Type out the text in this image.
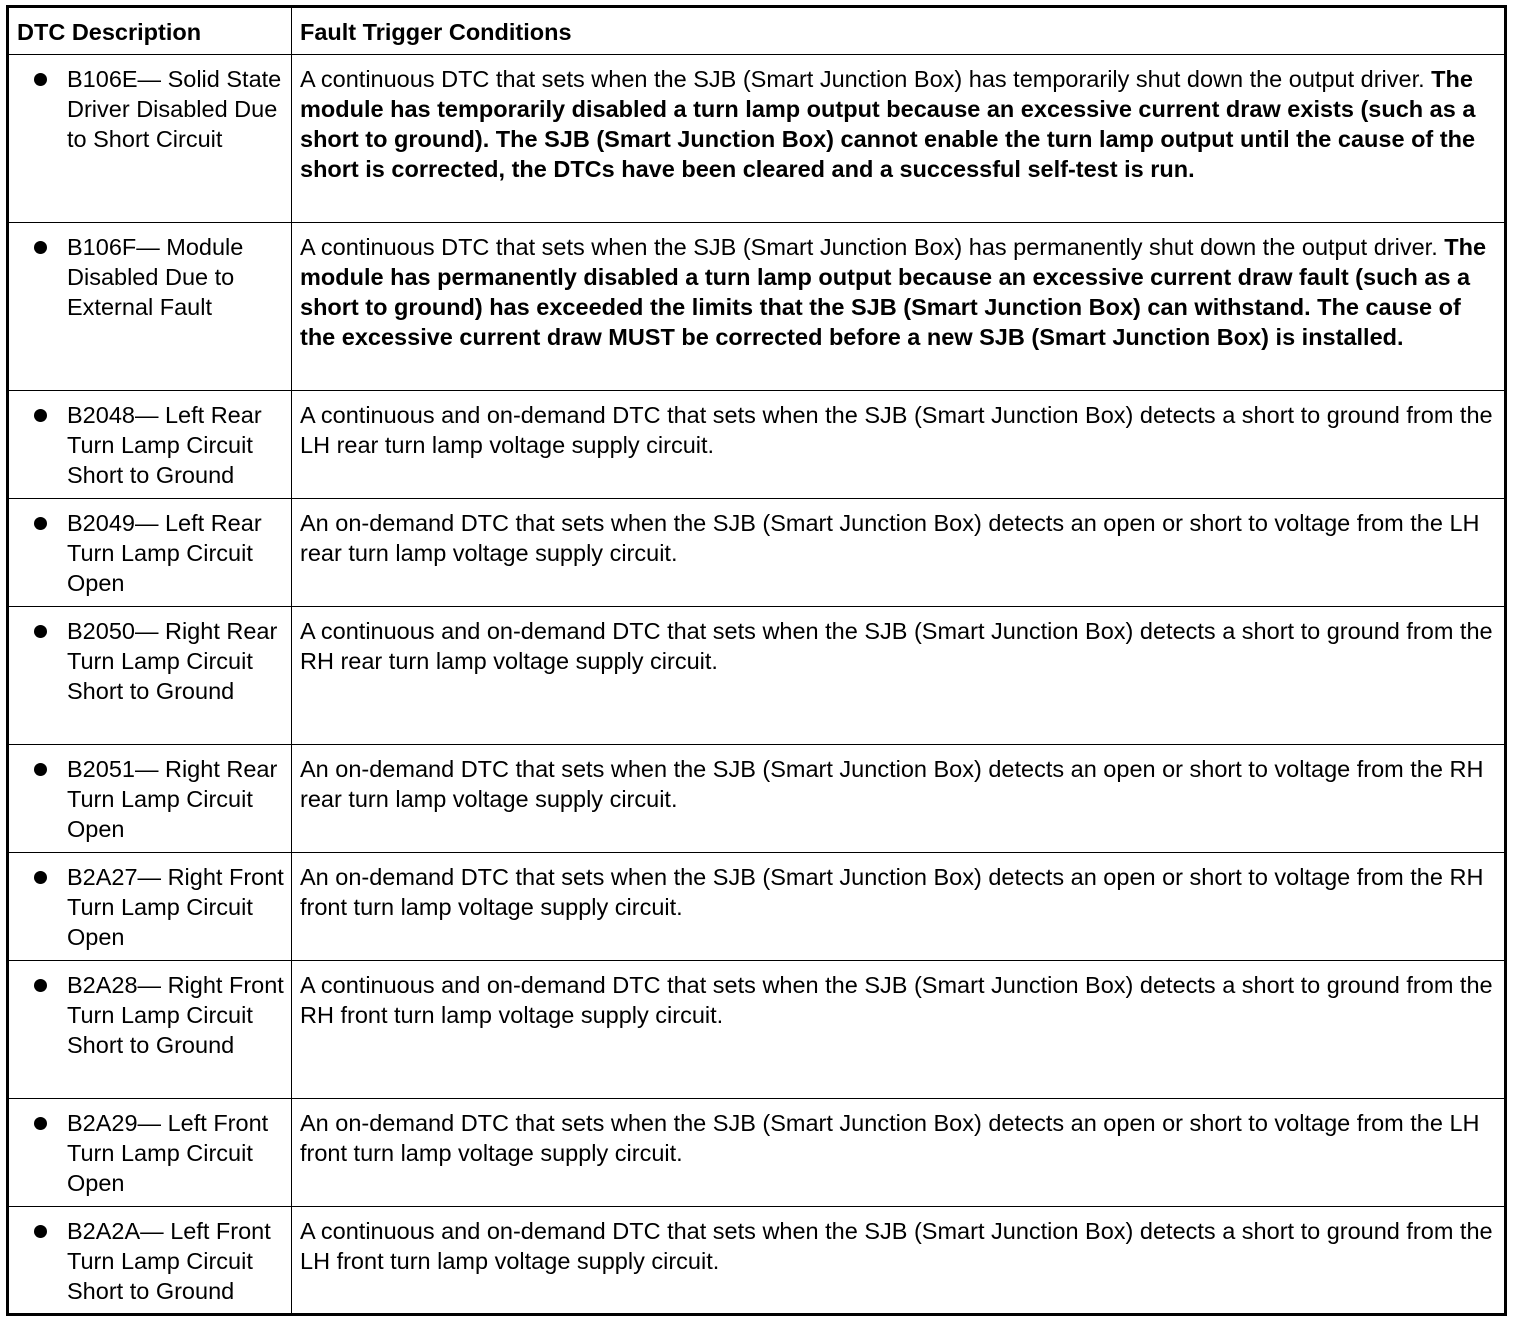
DTC Description	Fault Trigger Conditions

B106E— Solid State Driver Disabled Due to Short Circuit	A continuous DTC that sets when the SJB (Smart Junction Box) has temporarily shut down the output driver. The module has temporarily disabled a turn lamp output because an excessive current draw exists (such as a short to ground). The SJB (Smart Junction Box) cannot enable the turn lamp output until the cause of the short is corrected, the DTCs have been cleared and a successful self-test is run.

B106F— Module Disabled Due to External Fault	A continuous DTC that sets when the SJB (Smart Junction Box) has permanently shut down the output driver. The module has permanently disabled a turn lamp output because an excessive current draw fault (such as a short to ground) has exceeded the limits that the SJB (Smart Junction Box) can withstand. The cause of the excessive current draw MUST be corrected before a new SJB (Smart Junction Box) is installed.

B2048— Left Rear Turn Lamp Circuit Short to Ground	A continuous and on-demand DTC that sets when the SJB (Smart Junction Box) detects a short to ground from the LH rear turn lamp voltage supply circuit.

B2049— Left Rear Turn Lamp Circuit Open	An on-demand DTC that sets when the SJB (Smart Junction Box) detects an open or short to voltage from the LH rear turn lamp voltage supply circuit.

B2050— Right Rear Turn Lamp Circuit Short to Ground	A continuous and on-demand DTC that sets when the SJB (Smart Junction Box) detects a short to ground from the RH rear turn lamp voltage supply circuit.

B2051— Right Rear Turn Lamp Circuit Open	An on-demand DTC that sets when the SJB (Smart Junction Box) detects an open or short to voltage from the RH rear turn lamp voltage supply circuit.

B2A27— Right Front Turn Lamp Circuit Open	An on-demand DTC that sets when the SJB (Smart Junction Box) detects an open or short to voltage from the RH front turn lamp voltage supply circuit.

B2A28— Right Front Turn Lamp Circuit Short to Ground	A continuous and on-demand DTC that sets when the SJB (Smart Junction Box) detects a short to ground from the RH front turn lamp voltage supply circuit.

B2A29— Left Front Turn Lamp Circuit Open	An on-demand DTC that sets when the SJB (Smart Junction Box) detects an open or short to voltage from the LH front turn lamp voltage supply circuit.

B2A2A— Left Front Turn Lamp Circuit Short to Ground	A continuous and on-demand DTC that sets when the SJB (Smart Junction Box) detects a short to ground from the LH front turn lamp voltage supply circuit.
